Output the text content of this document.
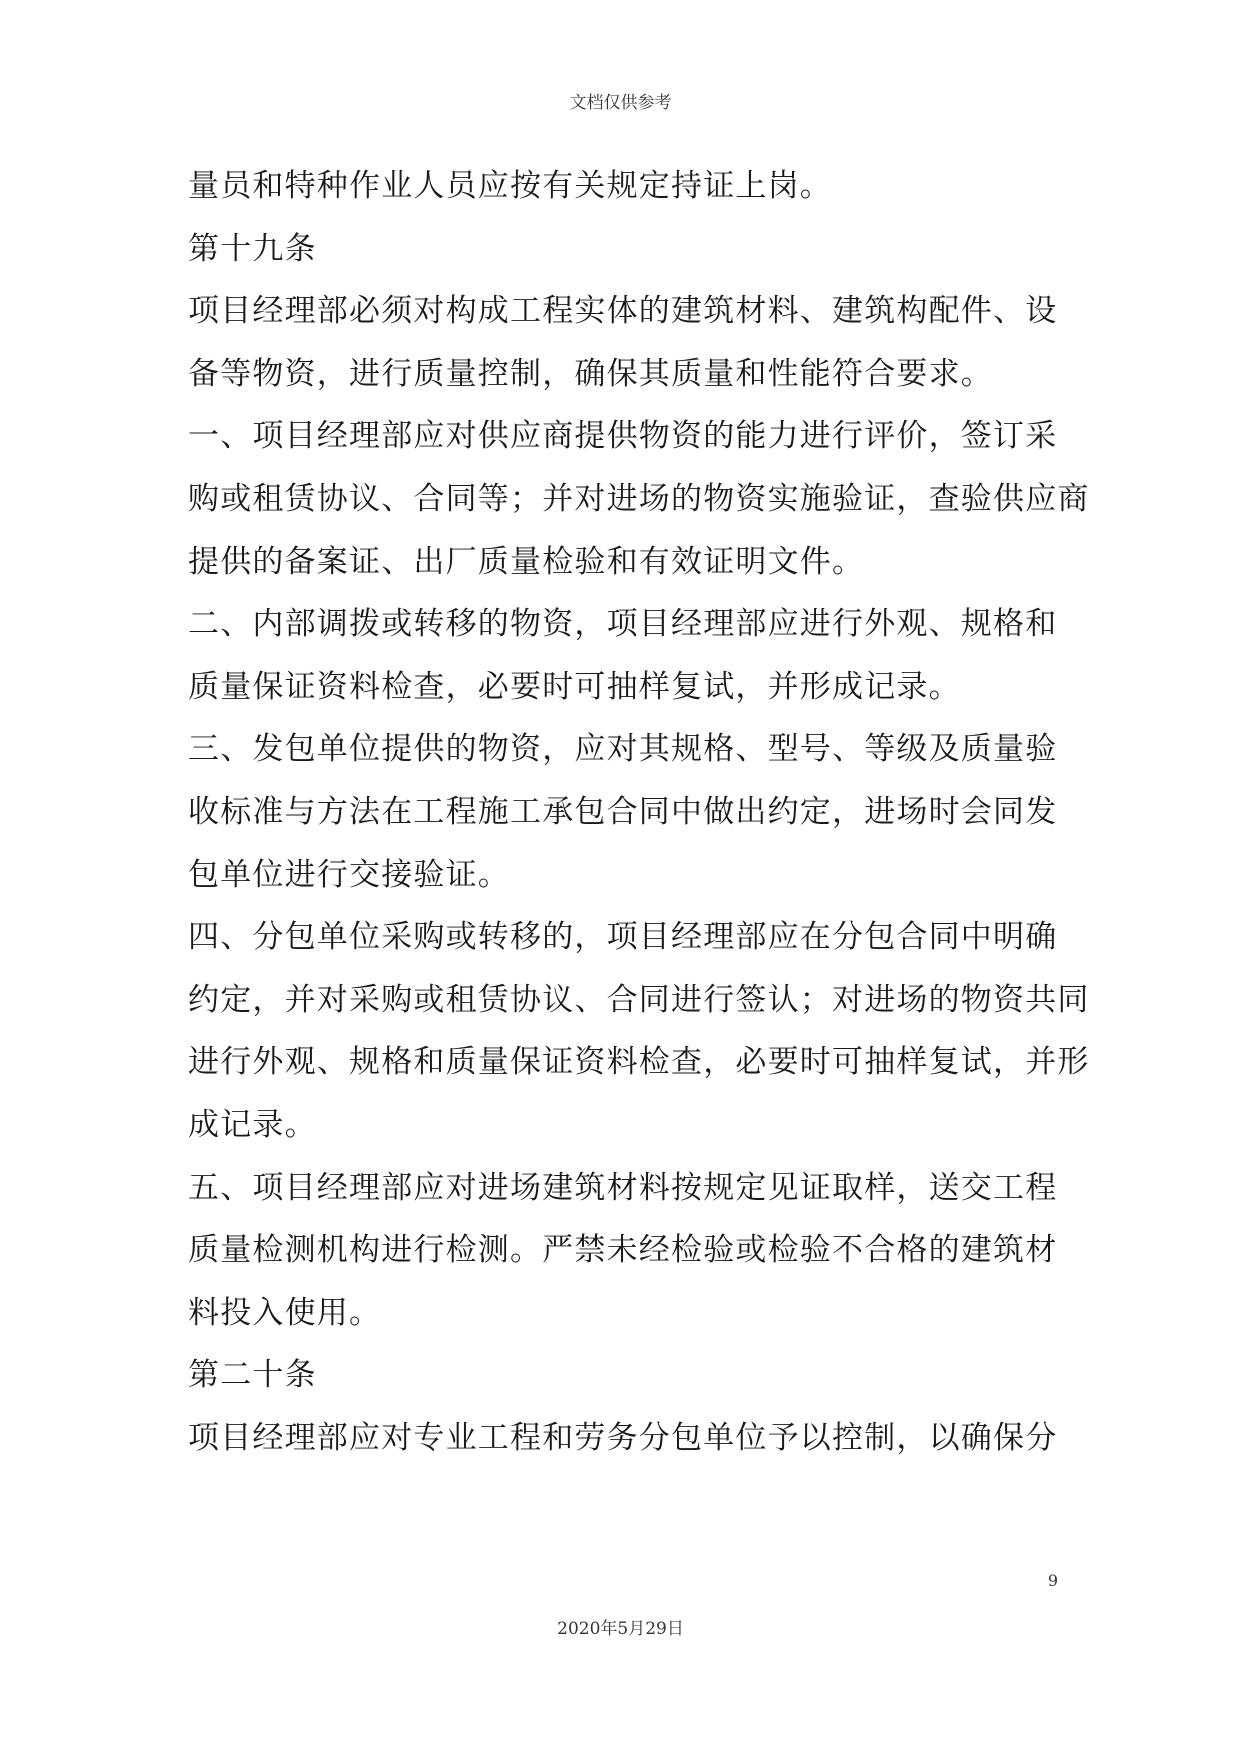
文档仅供参考
量员和特种作业人员应按有关规定持证上岗。
第十九条
项目经理部必须对构成工程实体的建筑材料、建筑构配件、设
备等物资，进行质量控制，确保其质量和性能符合要求。
一、项目经理部应对供应商提供物资的能力进行评价，签订采
购或租赁协议、合同等；并对进场的物资实施验证，查验供应商
提供的备案证、出厂质量检验和有效证明文件。
二、内部调拨或转移的物资，项目经理部应进行外观、规格和
质量保证资料检查，必要时可抽样复试，并形成记录。
三、发包单位提供的物资，应对其规格、型号、等级及质量验
收标准与方法在工程施工承包合同中做出约定，进场时会同发
包单位进行交接验证。
四、分包单位采购或转移的，项目经理部应在分包合同中明确
约定，并对采购或租赁协议、合同进行签认；对进场的物资共同
进行外观、规格和质量保证资料检查，必要时可抽样复试，并形
成记录。
五、项目经理部应对进场建筑材料按规定见证取样，送交工程
质量检测机构进行检测。严禁未经检验或检验不合格的建筑材
料投入使用。
第二十条
项目经理部应对专业工程和劳务分包单位予以控制，以确保分
9
2020年5月29日
